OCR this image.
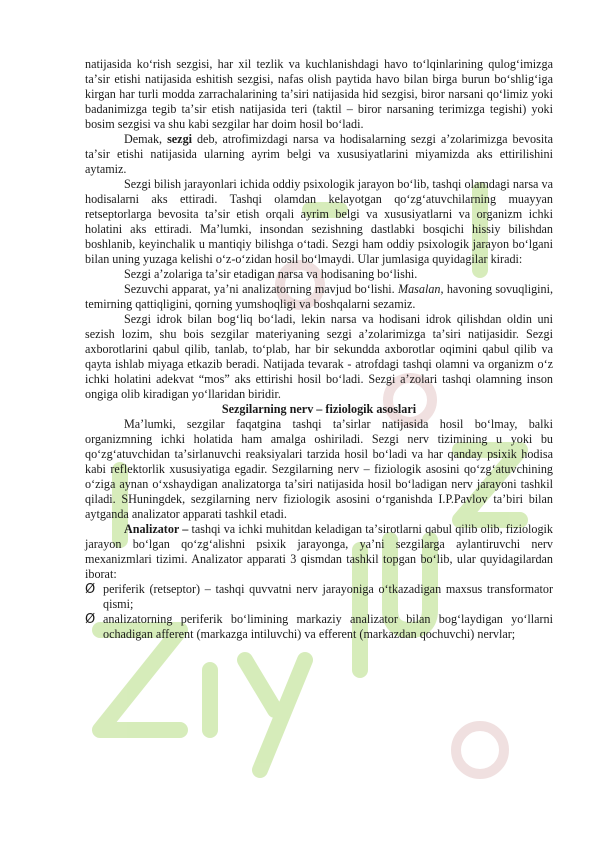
Ziyouz.com natijasida koʻrish sezgisi, har xil tezlik va kuchlanishdagi havo toʻlqinlarining qulogʻimizga taʼsir etishi natijasida eshitish sezgisi, nafas olish paytida havo bilan birga burun boʻshligʻiga kirgan har turli modda zarrachalarining taʼsiri natijasida hid sezgisi, biror narsani qoʻlimiz yoki badanimizga tegib taʼsir etish natijasida teri (taktil – biror narsaning terimizga tegishi) yoki bosim sezgisi va shu kabi sezgilar har doim hosil boʻladi.

Demak, sezgi deb, atrofimizdagi narsa va hodisalarning sezgi aʼzolarimizga bevosita taʼsir etishi natijasida ularning ayrim belgi va xususiyatlarini miyamizda aks ettirilishini aytamiz.

Sezgi bilish jarayonlari ichida oddiy psixologik jarayon boʻlib, tashqi olamdagi narsa va hodisalarni aks ettiradi. Tashqi olamdan kelayotgan qoʻzgʻatuvchilarning muayyan retseptorlarga bevosita taʼsir etish orqali ayrim belgi va xususiyatlarni va organizm ichki holatini aks ettiradi. Maʼlumki, insondan sezishning dastlabki bosqichi hissiy bilishdan boshlanib, keyinchalik u mantiqiy bilishga oʻtadi. Sezgi ham oddiy psixologik jarayon boʻlgani bilan uning yuzaga kelishi oʻz-oʻzidan hosil boʻlmaydi. Ular jumlasiga quyidagilar kiradi:

Sezgi aʼzolariga taʼsir etadigan narsa va hodisaning boʻlishi.

Sezuvchi apparat, yaʼni analizatorning mavjud boʻlishi. Masalan, havoning sovuqligini, temirning qattiqligini, qorning yumshoqligi va boshqalarni sezamiz.

Sezgi idrok bilan bogʻliq boʻladi, lekin narsa va hodisani idrok qilishdan oldin uni sezish lozim, shu bois sezgilar materiyaning sezgi aʼzolarimizga taʼsiri natijasidir. Sezgi axborotlarini qabul qilib, tanlab, toʻplab, har bir sekundda axborotlar oqimini qabul qilib va qayta ishlab miyaga etkazib beradi. Natijada tevarak - atrofdagi tashqi olamni va organizm oʻz ichki holatini adekvat “mos” aks ettirishi hosil boʻladi. Sezgi aʼzolari tashqi olamning inson ongiga olib kiradigan yoʻllaridan biridir.

Sezgilarning nerv – fiziologik asoslari

Maʼlumki, sezgilar faqatgina tashqi taʼsirlar natijasida hosil boʻlmay, balki organizmning ichki holatida ham amalga oshiriladi. Sezgi nerv tizimining u yoki bu qoʻzgʻatuvchidan taʼsirlanuvchi reaksiyalari tarzida hosil boʻladi va har qanday psixik hodisa kabi reflektorlik xususiyatiga egadir. Sezgilarning nerv – fiziologik asosini qoʻzgʻatuvchining oʻziga aynan oʻxshaydigan analizatorga taʼsiri natijasida hosil boʻladigan nerv jarayoni tashkil qiladi. SHuningdek, sezgilarning nerv fiziologik asosini oʻrganishda I.P.Pavlov taʼbiri bilan aytganda analizator apparati tashkil etadi.

Analizator – tashqi va ichki muhitdan keladigan taʼsirotlarni qabul qilib olib, fiziologik jarayon boʻlgan qoʻzgʻalishni psixik jarayonga, yaʼni sezgilarga aylantiruvchi nerv mexanizmlari tizimi. Analizator apparati 3 qismdan tashkil topgan boʻlib, ular quyidagilardan iborat:

Ø periferik (retseptor) – tashqi quvvatni nerv jarayoniga oʻtkazadigan maxsus transformator qismi;
Ø analizatorning periferik boʻlimining markaziy analizator bilan bogʻlaydigan yoʻllarni ochadigan afferent (markazga intiluvchi) va efferent (markazdan qochuvchi) nervlar;
